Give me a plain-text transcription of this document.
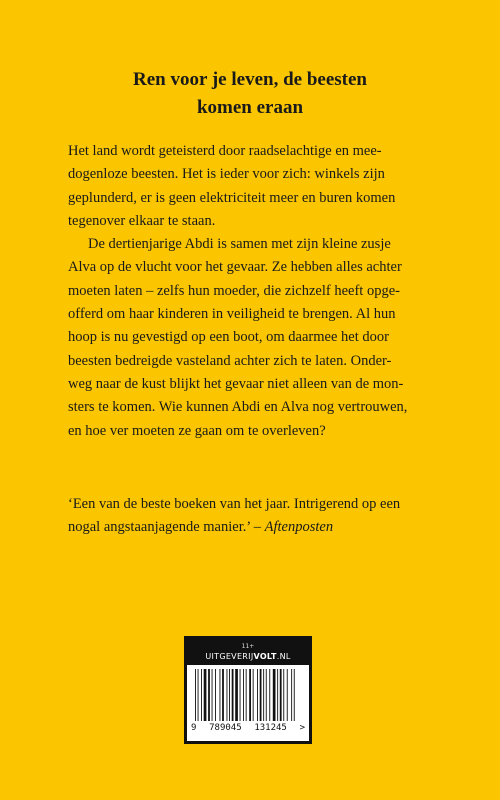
Ren voor je leven, de beesten
komen eraan
Het land wordt geteisterd door raadselachtige en mee-
dogenloze beesten. Het is ieder voor zich: winkels zijn
geplunderd, er is geen elektriciteit meer en buren komen
tegenover elkaar te staan.
De dertienjarige Abdi is samen met zijn kleine zusje
Alva op de vlucht voor het gevaar. Ze hebben alles achter
moeten laten – zelfs hun moeder, die zichzelf heeft opge-
offerd om haar kinderen in veiligheid te brengen. Al hun
hoop is nu gevestigd op een boot, om daarmee het door
beesten bedreigde vasteland achter zich te laten. Onder-
weg naar de kust blijkt het gevaar niet alleen van de mon-
sters te komen. Wie kunnen Abdi en Alva nog vertrouwen,
en hoe ver moeten ze gaan om te overleven?
‘Een van de beste boeken van het jaar. Intrigerend op een
nogal angstaanjagende manier.’ – Aftenposten
11+
UITGEVERIJVOLT.NL
9 789045 131245 >
